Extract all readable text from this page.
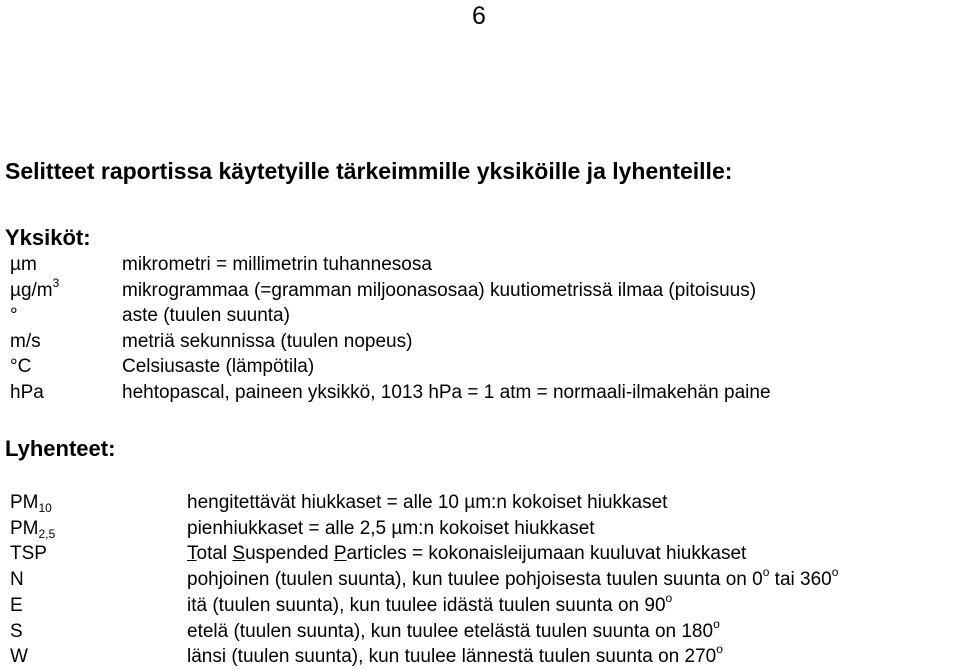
6
Selitteet raportissa käytetyille tärkeimmille yksiköille ja lyhenteille:
Yksiköt:
µm	mikrometri = millimetrin tuhannesosa
$\mu g/m^3$	mikrogrammaa (=gramman miljoonasosaa) kuutiometrissä ilmaa (pitoisuus)
°	aste (tuulen suunta)
m/s	metriä sekunnissa (tuulen nopeus)
°C	Celsiusaste (lämpötila)
hPa	hehtopascal, paineen yksikkö, 1013 hPa = 1 atm = normaali-ilmakehän paine
Lyhenteet:
$PM_{10}$	hengitettävät hiukkaset = alle 10 µm:n kokoiset hiukkaset
$PM_{2,5}$	pienhiukkaset = alle 2,5 µm:n kokoiset hiukkaset
TSP	Total Suspended Particles = kokonaisleijumaan kuuluvat hiukkaset
N	pohjoinen (tuulen suunta), kun tuulee pohjoisesta tuulen suunta on 0$^o$ tai 360$^o$
E	itä (tuulen suunta), kun tuulee idästä tuulen suunta on 90$^o$
S	etelä (tuulen suunta), kun tuulee etelästä tuulen suunta on 180$^o$
W	länsi (tuulen suunta), kun tuulee lännestä tuulen suunta on 270$^o$
